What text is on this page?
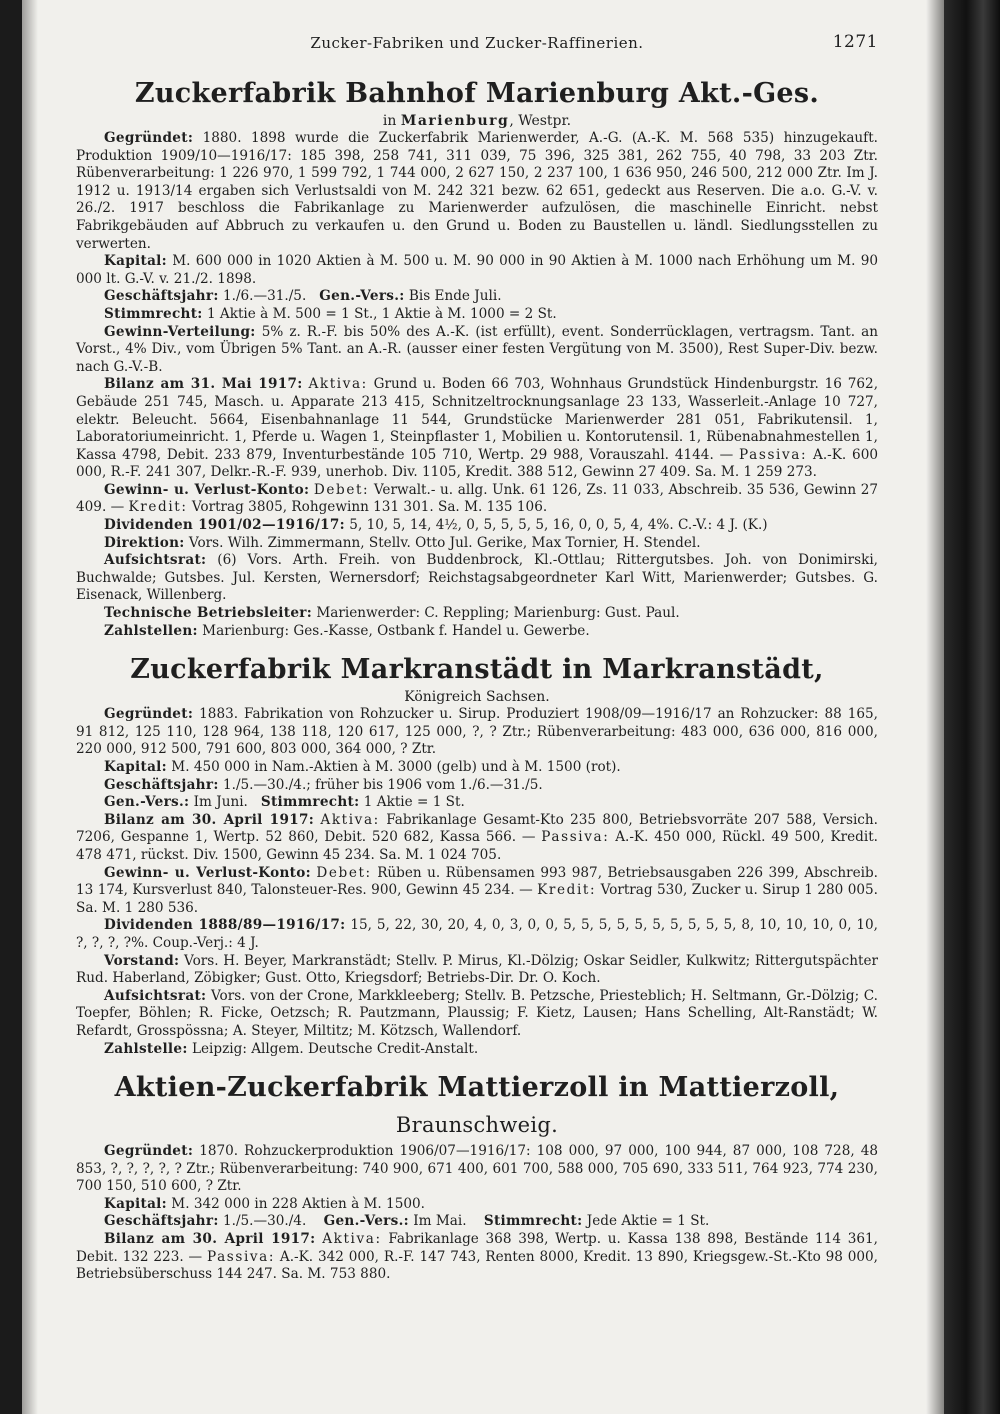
Zucker-Fabriken und Zucker-Raffinerien.	1271
Zuckerfabrik Bahnhof Marienburg Akt.-Ges.
in Marienburg, Westpr.

Gegründet: 1880. 1898 wurde die Zuckerfabrik Marienwerder, A.-G. (A.-K. M. 568 535) hinzugekauft. Produktion 1909/10—1916/17: 185 398, 258 741, 311 039, 75 396, 325 381, 262 755, 40 798, 33 203 Ztr. Rübenverarbeitung: 1 226 970, 1 599 792, 1 744 000, 2 627 150, 2 237 100, 1 636 950, 246 500, 212 000 Ztr. Im J. 1912 u. 1913/14 ergaben sich Verlustsaldi von M. 242 321 bezw. 62 651, gedeckt aus Reserven. Die a.o. G.-V. v. 26./2. 1917 beschloss die Fabrikanlage zu Marienwerder aufzulösen, die maschinelle Einricht. nebst Fabrikgebäuden auf Abbruch zu verkaufen u. den Grund u. Boden zu Baustellen u. ländl. Siedlungsstellen zu verwerten.

Kapital: M. 600 000 in 1020 Aktien à M. 500 u. M. 90 000 in 90 Aktien à M. 1000 nach Erhöhung um M. 90 000 lt. G.-V. v. 21./2. 1898.

Geschäftsjahr: 1./6.—31./5. Gen.-Vers.: Bis Ende Juli.

Stimmrecht: 1 Aktie à M. 500 = 1 St., 1 Aktie à M. 1000 = 2 St.

Gewinn-Verteilung: 5% z. R.-F. bis 50% des A.-K. (ist erfüllt), event. Sonderrücklagen, vertragsm. Tant. an Vorst., 4% Div., vom Übrigen 5% Tant. an A.-R. (ausser einer festen Vergütung von M. 3500), Rest Super-Div. bezw. nach G.-V.-B.

Bilanz am 31. Mai 1917: Aktiva: Grund u. Boden 66 703, Wohnhaus Grundstück Hindenburgstr. 16 762, Gebäude 251 745, Masch. u. Apparate 213 415, Schnitzeltrocknungsanlage 23 133, Wasserleit.-Anlage 10 727, elektr. Beleucht. 5664, Eisenbahnanlage 11 544, Grundstücke Marienwerder 281 051, Fabrikutensil. 1, Laboratoriumeinricht. 1, Pferde u. Wagen 1, Steinpflaster 1, Mobilien u. Kontorutensil. 1, Rübenabnahmestellen 1, Kassa 4798, Debit. 233 879, Inventurbestände 105 710, Wertp. 29 988, Vorauszahl. 4144. — Passiva: A.-K. 600 000, R.-F. 241 307, Delkr.-R.-F. 939, unerhob. Div. 1105, Kredit. 388 512, Gewinn 27 409. Sa. M. 1 259 273.

Gewinn- u. Verlust-Konto: Debet: Verwalt.- u. allg. Unk. 61 126, Zs. 11 033, Abschreib. 35 536, Gewinn 27 409. — Kredit: Vortrag 3805, Rohgewinn 131 301. Sa. M. 135 106.

Dividenden 1901/02—1916/17: 5, 10, 5, 14, 4½, 0, 5, 5, 5, 5, 16, 0, 0, 5, 4, 4%. C.-V.: 4 J. (K.)

Direktion: Vors. Wilh. Zimmermann, Stellv. Otto Jul. Gerike, Max Tornier, H. Stendel.

Aufsichtsrat: (6) Vors. Arth. Freih. von Buddenbrock, Kl.-Ottlau; Rittergutsbes. Joh. von Donimirski, Buchwalde; Gutsbes. Jul. Kersten, Wernersdorf; Reichstagsabgeordneter Karl Witt, Marienwerder; Gutsbes. G. Eisenack, Willenberg.

Technische Betriebsleiter: Marienwerder: C. Reppling; Marienburg: Gust. Paul.

Zahlstellen: Marienburg: Ges.-Kasse, Ostbank f. Handel u. Gewerbe.

Zuckerfabrik Markranstädt in Markranstädt,
Königreich Sachsen.

Gegründet: 1883. Fabrikation von Rohzucker u. Sirup. Produziert 1908/09—1916/17 an Rohzucker: 88 165, 91 812, 125 110, 128 964, 138 118, 120 617, 125 000, ?, ? Ztr.; Rübenverarbeitung: 483 000, 636 000, 816 000, 220 000, 912 500, 791 600, 803 000, 364 000, ? Ztr.

Kapital: M. 450 000 in Nam.-Aktien à M. 3000 (gelb) und à M. 1500 (rot).

Geschäftsjahr: 1./5.—30./4.; früher bis 1906 vom 1./6.—31./5.

Gen.-Vers.: Im Juni. Stimmrecht: 1 Aktie = 1 St.

Bilanz am 30. April 1917: Aktiva: Fabrikanlage Gesamt-Kto 235 800, Betriebsvorräte 207 588, Versich. 7206, Gespanne 1, Wertp. 52 860, Debit. 520 682, Kassa 566. — Passiva: A.-K. 450 000, Rückl. 49 500, Kredit. 478 471, rückst. Div. 1500, Gewinn 45 234. Sa. M. 1 024 705.

Gewinn- u. Verlust-Konto: Debet: Rüben u. Rübensamen 993 987, Betriebsausgaben 226 399, Abschreib. 13 174, Kursverlust 840, Talonsteuer-Res. 900, Gewinn 45 234. — Kredit: Vortrag 530, Zucker u. Sirup 1 280 005. Sa. M. 1 280 536.

Dividenden 1888/89—1916/17: 15, 5, 22, 30, 20, 4, 0, 3, 0, 0, 5, 5, 5, 5, 5, 5, 5, 5, 5, 5, 8, 10, 10, 10, 0, 10, ?, ?, ?, ?%. Coup.-Verj.: 4 J.

Vorstand: Vors. H. Beyer, Markranstädt; Stellv. P. Mirus, Kl.-Dölzig; Oskar Seidler, Kulkwitz; Rittergutspächter Rud. Haberland, Zöbigker; Gust. Otto, Kriegsdorf; Betriebs-Dir. Dr. O. Koch.

Aufsichtsrat: Vors. von der Crone, Markkleeberg; Stellv. B. Petzsche, Priesteblich; H. Seltmann, Gr.-Dölzig; C. Toepfer, Böhlen; R. Ficke, Oetzsch; R. Pautzmann, Plaussig; F. Kietz, Lausen; Hans Schelling, Alt-Ranstädt; W. Refardt, Grosspössna; A. Steyer, Miltitz; M. Kötzsch, Wallendorf.

Zahlstelle: Leipzig: Allgem. Deutsche Credit-Anstalt.

Aktien-Zuckerfabrik Mattierzoll in Mattierzoll, Braunschweig.

Gegründet: 1870. Rohzuckerproduktion 1906/07—1916/17: 108 000, 97 000, 100 944, 87 000, 108 728, 48 853, ?, ?, ?, ?, ? Ztr.; Rübenverarbeitung: 740 900, 671 400, 601 700, 588 000, 705 690, 333 511, 764 923, 774 230, 700 150, 510 600, ? Ztr.

Kapital: M. 342 000 in 228 Aktien à M. 1500.

Geschäftsjahr: 1./5.—30./4. Gen.-Vers.: Im Mai. Stimmrecht: Jede Aktie = 1 St.

Bilanz am 30. April 1917: Aktiva: Fabrikanlage 368 398, Wertp. u. Kassa 138 898, Bestände 114 361, Debit. 132 223. — Passiva: A.-K. 342 000, R.-F. 147 743, Renten 8000, Kredit. 13 890, Kriegsgew.-St.-Kto 98 000, Betriebsüberschuss 144 247. Sa. M. 753 880.
